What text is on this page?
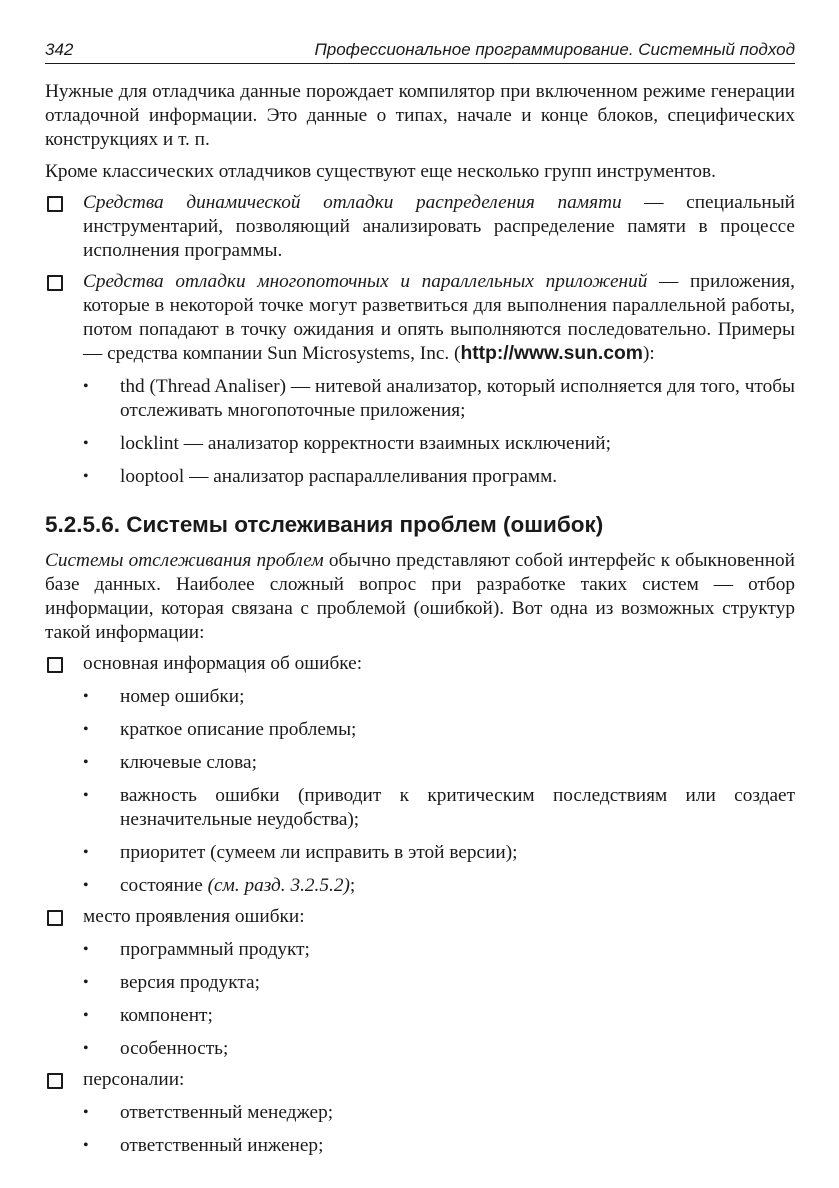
342	Профессиональное программирование. Системный подход

Нужные для отладчика данные порождает компилятор при включенном режиме генерации отладочной информации. Это данные о типах, начале и конце блоков, специфических конструкциях и т. п.

Кроме классических отладчиков существуют еще несколько групп инструментов.

Средства динамической отладки распределения памяти — специальный инструментарий, позволяющий анализировать распределение памяти в процессе исполнения программы.
Средства отладки многопоточных и параллельных приложений — приложения, которые в некоторой точке могут разветвиться для выполнения параллельной работы, потом попадают в точку ожидания и опять выполняются последовательно. Примеры — средства компании Sun Microsystems, Inc. (http://www.sun.com):
• thd (Thread Analiser) — нитевой анализатор, который исполняется для того, чтобы отслеживать многопоточные приложения;
• locklint — анализатор корректности взаимных исключений;
• looptool — анализатор распараллеливания программ.
5.2.5.6. Системы отслеживания проблем (ошибок)

Системы отслеживания проблем обычно представляют собой интерфейс к обыкновенной базе данных. Наиболее сложный вопрос при разработке таких систем — отбор информации, которая связана с проблемой (ошибкой). Вот одна из возможных структур такой информации:

основная информация об ошибке:
• номер ошибки;
• краткое описание проблемы;
• ключевые слова;
• важность ошибки (приводит к критическим последствиям или создает незначительные неудобства);
• приоритет (сумеем ли исправить в этой версии);
• состояние (см. разд. 3.2.5.2);
место проявления ошибки:
• программный продукт;
• версия продукта;
• компонент;
• особенность;
персоналии:
• ответственный менеджер;
• ответственный инженер;
